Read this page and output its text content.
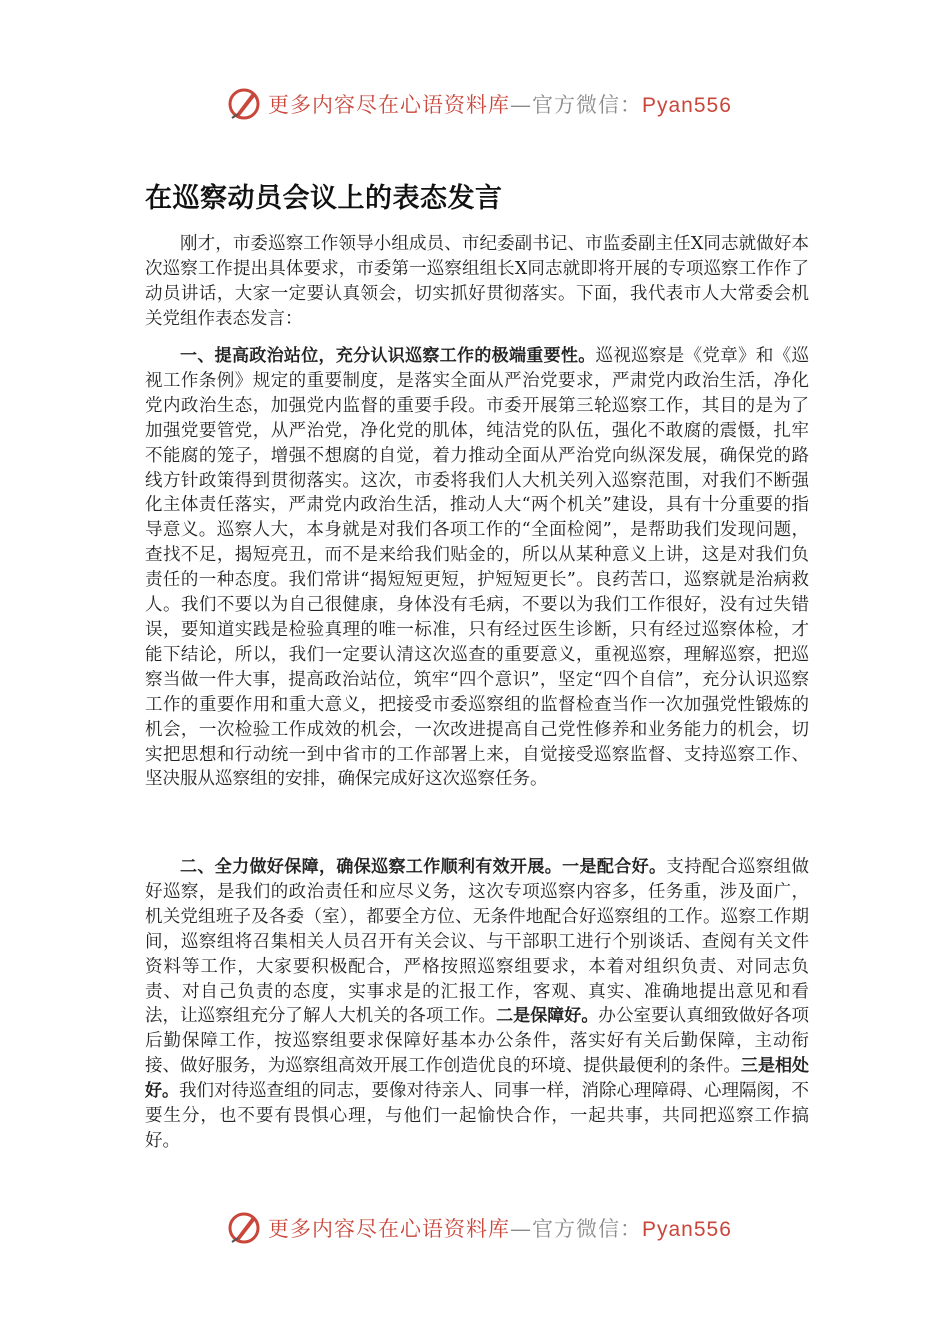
更多内容尽在心语资料库—官方微信：Pyan556
在巡察动员会议上的表态发言

刚才，市委巡察工作领导小组成员、市纪委副书记、市监委副主任X同志就做好本次巡察工作提出具体要求，市委第一巡察组组长X同志就即将开展的专项巡察工作作了动员讲话，大家一定要认真领会，切实抓好贯彻落实。下面，我代表市人大常委会机关党组作表态发言：

一、提高政治站位，充分认识巡察工作的极端重要性。巡视巡察是《党章》和《巡视工作条例》规定的重要制度，是落实全面从严治党要求，严肃党内政治生活，净化党内政治生态，加强党内监督的重要手段。市委开展第三轮巡察工作，其目的是为了加强党要管党，从严治党，净化党的肌体，纯洁党的队伍，强化不敢腐的震慑，扎牢不能腐的笼子，增强不想腐的自觉，着力推动全面从严治党向纵深发展，确保党的路线方针政策得到贯彻落实。这次，市委将我们人大机关列入巡察范围，对我们不断强化主体责任落实，严肃党内政治生活，推动人大“两个机关”建设，具有十分重要的指导意义。巡察人大，本身就是对我们各项工作的“全面检阅”，是帮助我们发现问题，查找不足，揭短亮丑，而不是来给我们贴金的，所以从某种意义上讲，这是对我们负责任的一种态度。我们常讲“揭短短更短，护短短更长”。良药苦口，巡察就是治病救人。我们不要以为自己很健康，身体没有毛病，不要以为我们工作很好，没有过失错误，要知道实践是检验真理的唯一标准，只有经过医生诊断，只有经过巡察体检，才能下结论，所以，我们一定要认清这次巡查的重要意义，重视巡察，理解巡察，把巡察当做一件大事，提高政治站位，筑牢“四个意识”，坚定“四个自信”，充分认识巡察工作的重要作用和重大意义，把接受市委巡察组的监督检查当作一次加强党性锻炼的机会，一次检验工作成效的机会，一次改进提高自己党性修养和业务能力的机会，切实把思想和行动统一到中省市的工作部署上来，自觉接受巡察监督、支持巡察工作、坚决服从巡察组的安排，确保完成好这次巡察任务。

二、全力做好保障，确保巡察工作顺利有效开展。一是配合好。支持配合巡察组做好巡察，是我们的政治责任和应尽义务，这次专项巡察内容多，任务重，涉及面广，机关党组班子及各委（室），都要全方位、无条件地配合好巡察组的工作。巡察工作期间，巡察组将召集相关人员召开有关会议、与干部职工进行个别谈话、查阅有关文件资料等工作，大家要积极配合，严格按照巡察组要求，本着对组织负责、对同志负责、对自己负责的态度，实事求是的汇报工作，客观、真实、准确地提出意见和看法，让巡察组充分了解人大机关的各项工作。二是保障好。办公室要认真细致做好各项后勤保障工作，按巡察组要求保障好基本办公条件，落实好有关后勤保障，主动衔接、做好服务，为巡察组高效开展工作创造优良的环境、提供最便利的条件。三是相处好。我们对待巡查组的同志，要像对待亲人、同事一样，消除心理障碍、心理隔阂，不要生分，也不要有畏惧心理，与他们一起愉快合作，一起共事，共同把巡察工作搞好。

更多内容尽在心语资料库—官方微信：Pyan556
